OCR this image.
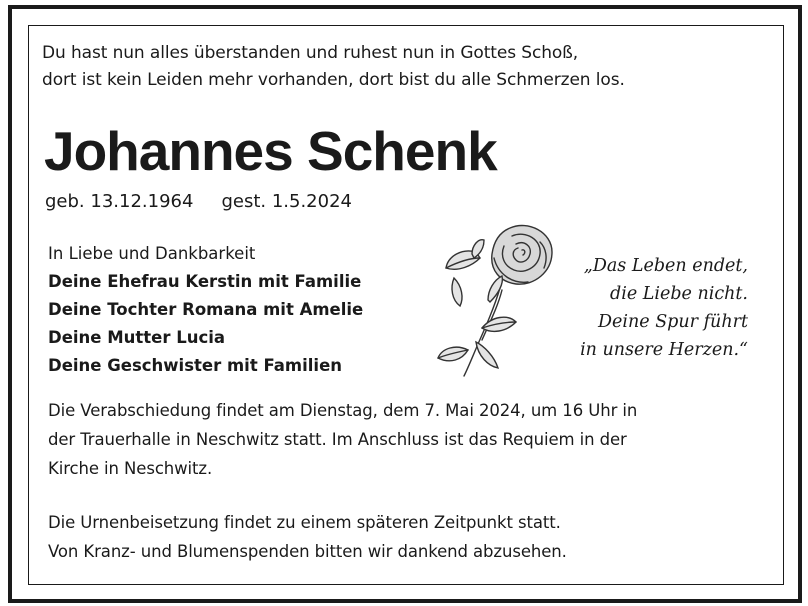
Du hast nun alles überstanden und ruhest nun in Gottes Schoß,
dort ist kein Leiden mehr vorhanden, dort bist du alle Schmerzen los.
Johannes Schenk
geb. 13.12.1964 gest. 1.5.2024
In Liebe und Dankbarkeit
Deine Ehefrau Kerstin mit Familie
Deine Tochter Romana mit Amelie
Deine Mutter Lucia
Deine Geschwister mit Familien
„Das Leben endet,
die Liebe nicht.
Deine Spur führt
in unsere Herzen.“
Die Verabschiedung findet am Dienstag, dem 7. Mai 2024, um 16 Uhr in
der Trauerhalle in Neschwitz statt. Im Anschluss ist das Requiem in der
Kirche in Neschwitz.
Die Urnenbeisetzung findet zu einem späteren Zeitpunkt statt.
Von Kranz- und Blumenspenden bitten wir dankend abzusehen.
